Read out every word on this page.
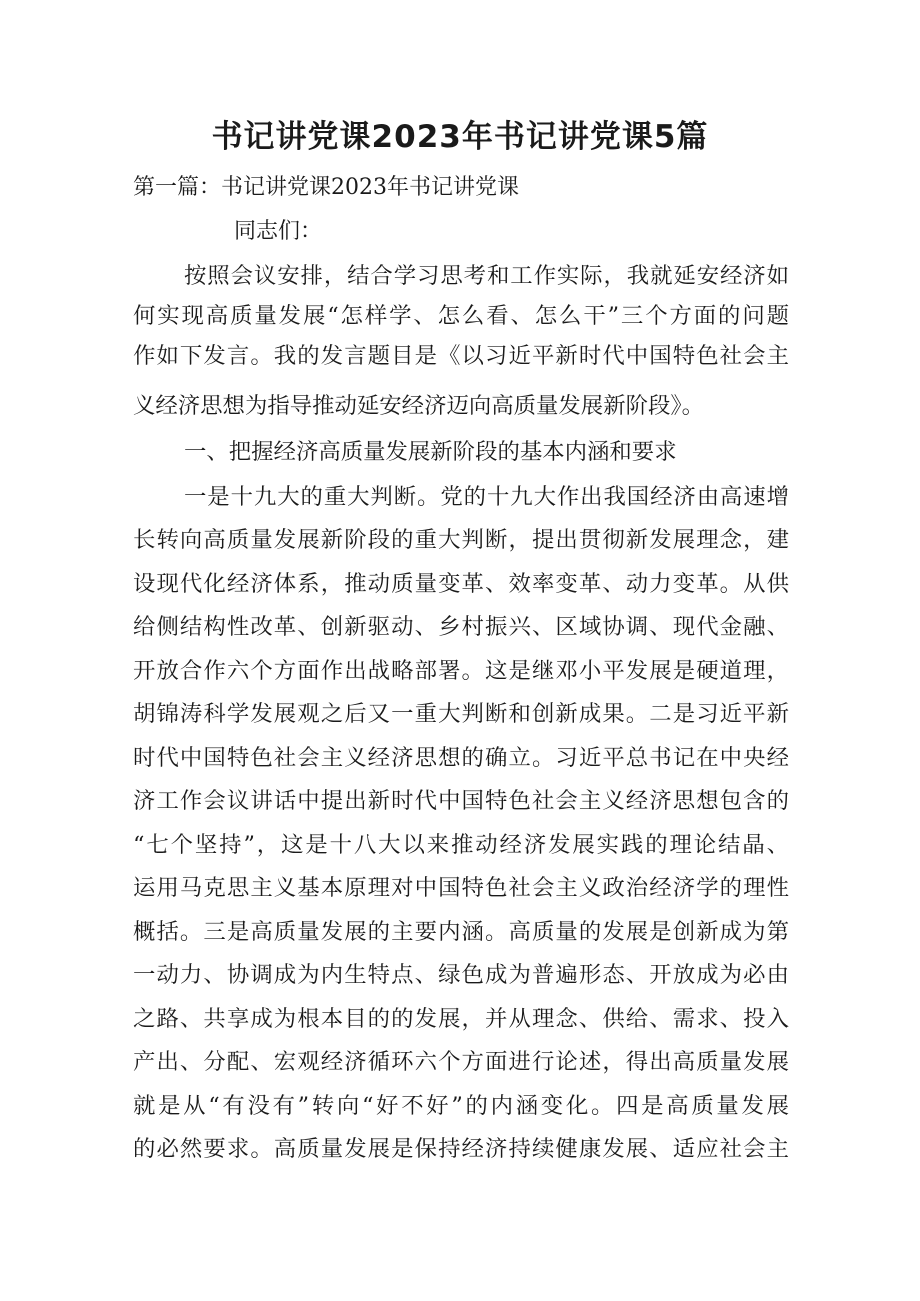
书记讲党课2023年书记讲党课5篇

第一篇：书记讲党课2023年书记讲党课

同志们：

按照会议安排，结合学习思考和工作实际，我就延安经济如

何实现高质量发展“怎样学、怎么看、怎么干”三个方面的问题

作如下发言。我的发言题目是《以习近平新时代中国特色社会主

义经济思想为指导推动延安经济迈向高质量发展新阶段》。

一、把握经济高质量发展新阶段的基本内涵和要求

一是十九大的重大判断。党的十九大作出我国经济由高速增

长转向高质量发展新阶段的重大判断，提出贯彻新发展理念，建

设现代化经济体系，推动质量变革、效率变革、动力变革。从供

给侧结构性改革、创新驱动、乡村振兴、区域协调、现代金融、

开放合作六个方面作出战略部署。这是继邓小平发展是硬道理，

胡锦涛科学发展观之后又一重大判断和创新成果。二是习近平新

时代中国特色社会主义经济思想的确立。习近平总书记在中央经

济工作会议讲话中提出新时代中国特色社会主义经济思想包含的

“七个坚持”，这是十八大以来推动经济发展实践的理论结晶、

运用马克思主义基本原理对中国特色社会主义政治经济学的理性

概括。三是高质量发展的主要内涵。高质量的发展是创新成为第

一动力、协调成为内生特点、绿色成为普遍形态、开放成为必由

之路、共享成为根本目的的发展，并从理念、供给、需求、投入

产出、分配、宏观经济循环六个方面进行论述，得出高质量发展

就是从“有没有”转向“好不好”的内涵变化。四是高质量发展

的必然要求。高质量发展是保持经济持续健康发展、适应社会主
